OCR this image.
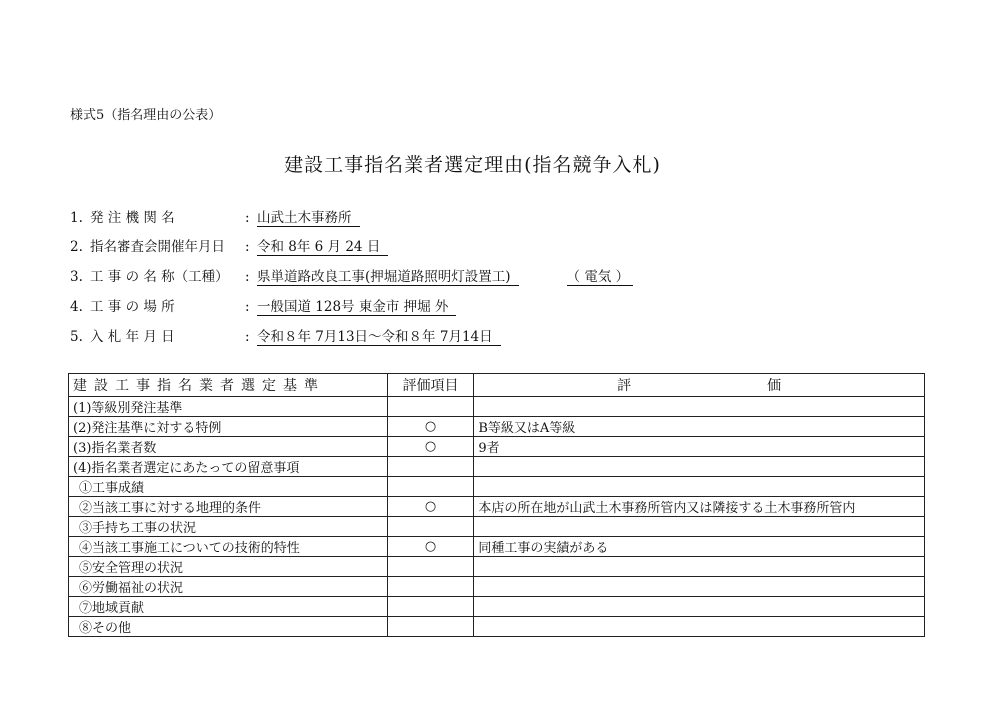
様式5（指名理由の公表）
建設工事指名業者選定理由(指名競争入札)
1. 発 注 機 関 名	: 山武土木事務所
2. 指名審査会開催年月日 : 令和 8年 6 月 24 日
3. 工 事 の 名 称（工種） : 県単道路改良工事(押堀道路照明灯設置工)	（ 電気 ）
4. 工 事 の 場 所	: 一般国道 128号 東金市 押堀 外
5. 入 札 年 月 日	: 令和８年 7月13日～令和８年 7月14日
建設工事指名業者選定基準	評価項目	評 価
(1)等級別発注基準		
(2)発注基準に対する特例	○	B等級又はA等級
(3)指名業者数	○	9者
(4)指名業者選定にあたっての留意事項		
①工事成績		
②当該工事に対する地理的条件	○	本店の所在地が山武土木事務所管内又は隣接する土木事務所管内
③手持ち工事の状況		
④当該工事施工についての技術的特性	○	同種工事の実績がある
⑤安全管理の状況		
⑥労働福祉の状況		
⑦地域貢献		
⑧その他		
